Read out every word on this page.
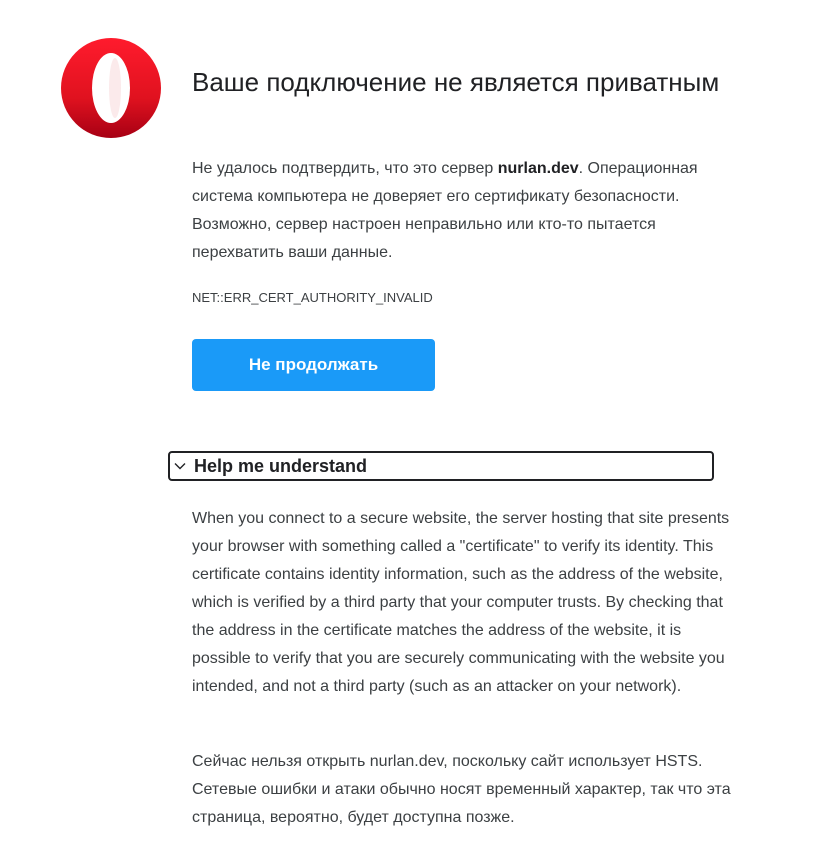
Ваше подключение не является приватным

Не удалось подтвердить, что это сервер nurlan.dev. Операционная система компьютера не доверяет его сертификату безопасности. Возможно, сервер настроен неправильно или кто-то пытается перехватить ваши данные.

NET::ERR_CERT_AUTHORITY_INVALID

Не продолжать
Help me understand

When you connect to a secure website, the server hosting that site presents your browser with something called a "certificate" to verify its identity. This certificate contains identity information, such as the address of the website, which is verified by a third party that your computer trusts. By checking that the address in the certificate matches the address of the website, it is possible to verify that you are securely communicating with the website you intended, and not a third party (such as an attacker on your network).

Сейчас нельзя открыть nurlan.dev, поскольку сайт использует HSTS. Сетевые ошибки и атаки обычно носят временный характер, так что эта страница, вероятно, будет доступна позже.
